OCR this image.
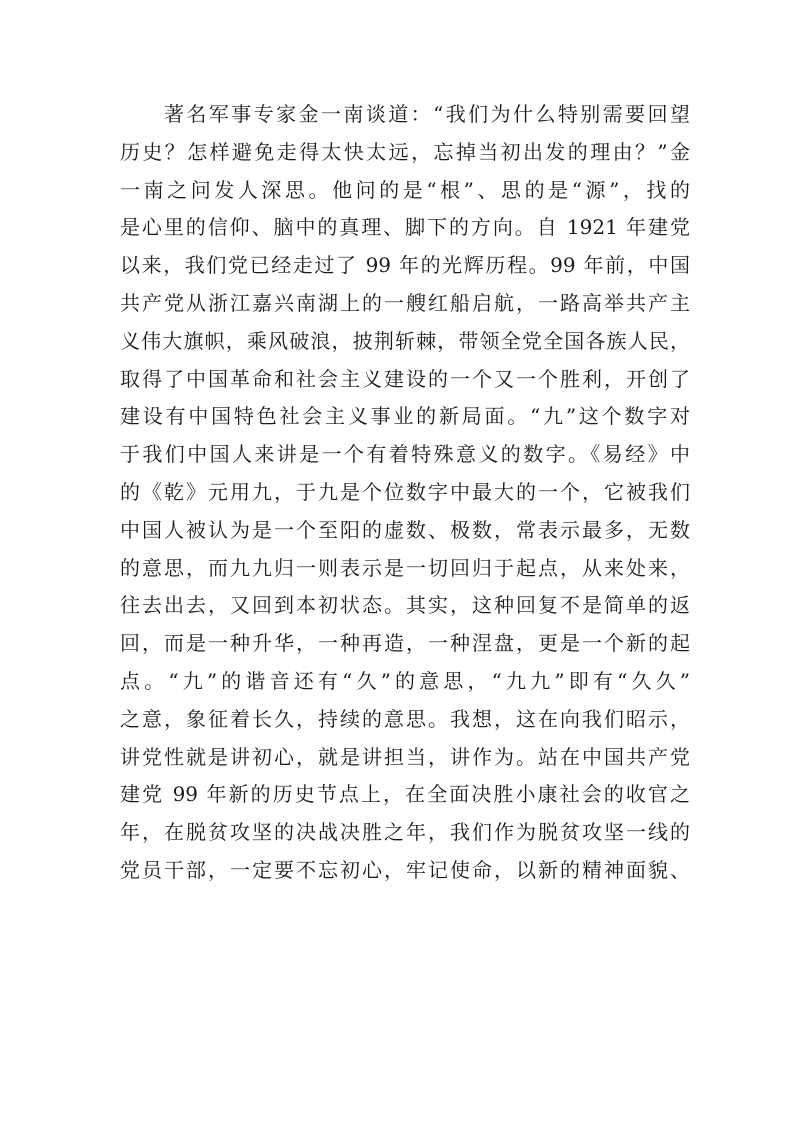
著名军事专家金一南谈道：“我们为什么特别需要回望
历史？怎样避免走得太快太远，忘掉当初出发的理由？”金
一南之问发人深思。他问的是“根”、思的是“源”，找的
是心里的信仰、脑中的真理、脚下的方向。自 1921 年建党
以来，我们党已经走过了 99 年的光辉历程。99 年前，中国
共产党从浙江嘉兴南湖上的一艘红船启航，一路高举共产主
义伟大旗帜，乘风破浪，披荆斩棘，带领全党全国各族人民，
取得了中国革命和社会主义建设的一个又一个胜利，开创了
建设有中国特色社会主义事业的新局面。“九”这个数字对
于我们中国人来讲是一个有着特殊意义的数字。《易经》中
的《乾》元用九，于九是个位数字中最大的一个，它被我们
中国人被认为是一个至阳的虚数、极数，常表示最多，无数
的意思，而九九归一则表示是一切回归于起点，从来处来，
往去出去，又回到本初状态。其实，这种回复不是简单的返
回，而是一种升华，一种再造，一种涅盘，更是一个新的起
点。“九”的谐音还有“久”的意思，“九九”即有“久久”
之意，象征着长久，持续的意思。我想，这在向我们昭示，
讲党性就是讲初心，就是讲担当，讲作为。站在中国共产党
建党 99 年新的历史节点上，在全面决胜小康社会的收官之
年，在脱贫攻坚的决战决胜之年，我们作为脱贫攻坚一线的
党员干部，一定要不忘初心，牢记使命，以新的精神面貌、
